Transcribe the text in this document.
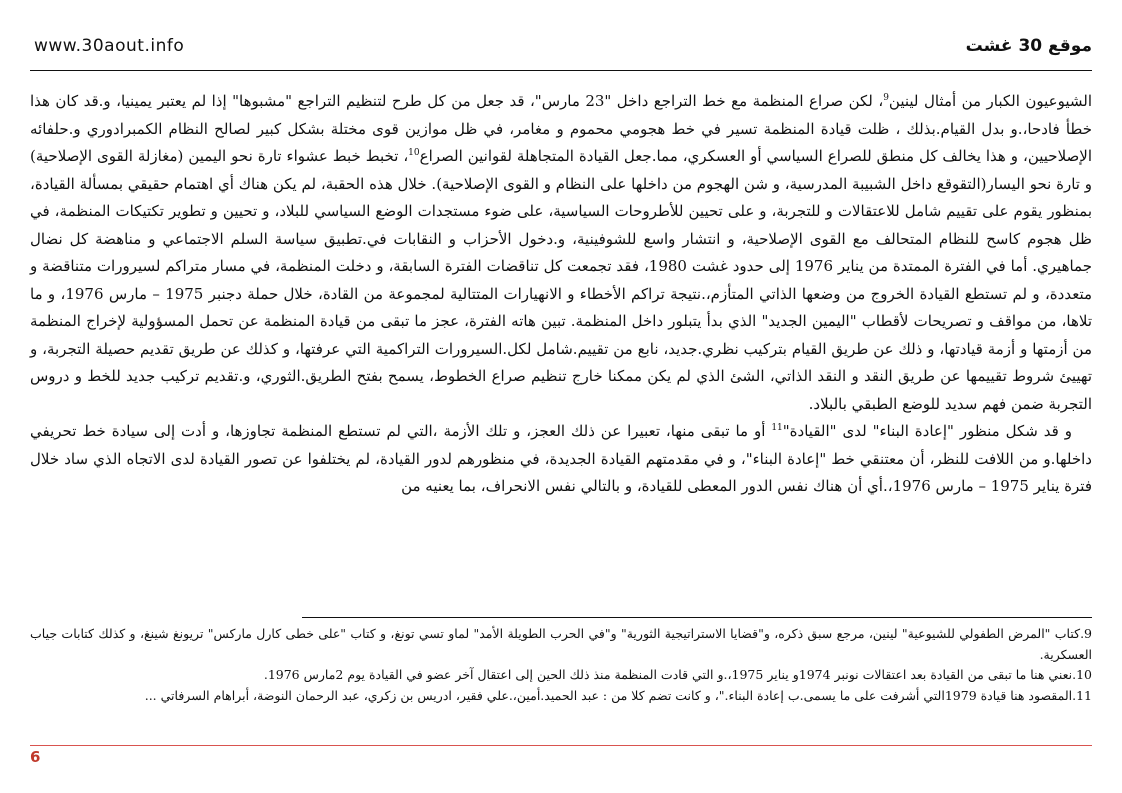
www.30aout.info	موقع 30 غشت

الشيوعيون الكبار من أمثال لينين$^9$، لكن صراع المنظمة مع خط التراجع داخل "23 مارس"، قد جعل من كل طرح لتنظيم التراجع "مشبوها" إذا لم يعتبر يمينيا، و.قد كان هذا خطأ فادحا،.و بدل القيام.بذلك ، ظلت قيادة المنظمة تسير في خط هجومي محموم و مغامر، في ظل موازين قوى مختلة بشكل كبير لصالح النظام الكمبرادوري و.حلفائه الإصلاحيين، و هذا يخالف كل منطق للصراع السياسي أو العسكري، مما.جعل القيادة المتجاهلة لقوانين الصراع$^{10}$، تخبط خبط عشواء تارة نحو اليمين (مغازلة القوى الإصلاحية) و تارة نحو اليسار(التقوقع داخل الشبيبة المدرسية، و شن الهجوم من داخلها على النظام و القوى الإصلاحية). خلال هذه الحقبة، لم يكن هناك أي اهتمام حقيقي بمسألة القيادة، بمنظور يقوم على تقييم شامل للاعتقالات و للتجربة، و على تحيين للأطروحات السياسية، على ضوء مستجدات الوضع السياسي للبلاد، و تحيين و تطوير تكتيكات المنظمة، في ظل هجوم كاسح للنظام المتحالف مع القوى الإصلاحية، و انتشار واسع للشوفينية، و.دخول الأحزاب و النقابات في.تطبيق سياسة السلم الاجتماعي و مناهضة كل نضال جماهيري. أما في الفترة الممتدة من يناير 1976 إلى حدود غشت 1980، فقد تجمعت كل تناقضات الفترة السابقة، و دخلت المنظمة، في مسار متراكم لسيرورات متناقضة و متعددة، و لم تستطع القيادة الخروج من وضعها الذاتي المتأزم،.نتيجة تراكم الأخطاء و الانهيارات المتتالية لمجموعة من القادة، خلال حملة دجنبر 1975 – مارس 1976، و ما تلاها، من مواقف و تصريحات لأقطاب "اليمين الجديد" الذي بدأ يتبلور داخل المنظمة. تبين هاته الفترة، عجز ما تبقى من قيادة المنظمة عن تحمل المسؤولية لإخراج المنظمة من أزمتها و أزمة قيادتها، و ذلك عن طريق القيام بتركيب نظري.جديد، نابع من تقييم.شامل لكل.السيرورات التراكمية التي عرفتها، و كذلك عن طريق تقديم حصيلة التجربة، و تهييئ شروط تقييمها عن طريق النقد و النقد الذاتي، الشئ الذي لم يكن ممكنا خارج تنظيم صراع الخطوط، يسمح بفتح الطريق.الثوري، و.تقديم تركيب جديد للخط و دروس التجربة ضمن فهم سديد للوضع الطبقي بالبلاد.

و قد شكل منظور "إعادة البناء" لدى "القيادة"$^{11}$ أو ما تبقى منها، تعبيرا عن ذلك العجز، و تلك الأزمة ،التي لم تستطع المنظمة تجاوزها، و أدت إلى سيادة خط تحريفي داخلها.و من اللافت للنظر، أن معتنقي خط "إعادة البناء"، و في مقدمتهم القيادة الجديدة، في منظورهم لدور القيادة، لم يختلفوا عن تصور القيادة لدى الاتجاه الذي ساد خلال فترة يناير 1975 – مارس 1976،.أي أن هناك نفس الدور المعطى للقيادة، و بالتالي نفس الانحراف، بما يعنيه من

9.كتاب "المرض الطفولي للشيوعية" لينين، مرجع سبق ذكره، و"قضايا الاستراتيجية الثورية" و"في الحرب الطويلة الأمد" لماو تسي تونغ، و كتاب "على خطى كارل ماركس" تريونغ شينغ، و كذلك كتابات جياب العسكرية.

10.نعني هنا ما تبقى من القيادة بعد اعتقالات نونبر 1974و يناير 1975،.و التي قادت المنظمة منذ ذلك الحين إلى اعتقال آخر عضو في القيادة يوم 2مارس 1976.

11.المقصود هنا قيادة 1979التي أشرفت على ما يسمى.ب إعادة البناء."، و كانت تضم كلا من : عبد الحميد.أمين،.علي فقير، ادريس بن زكري، عبد الرحمان النوضة، أبراهام السرفاتي ...

6
